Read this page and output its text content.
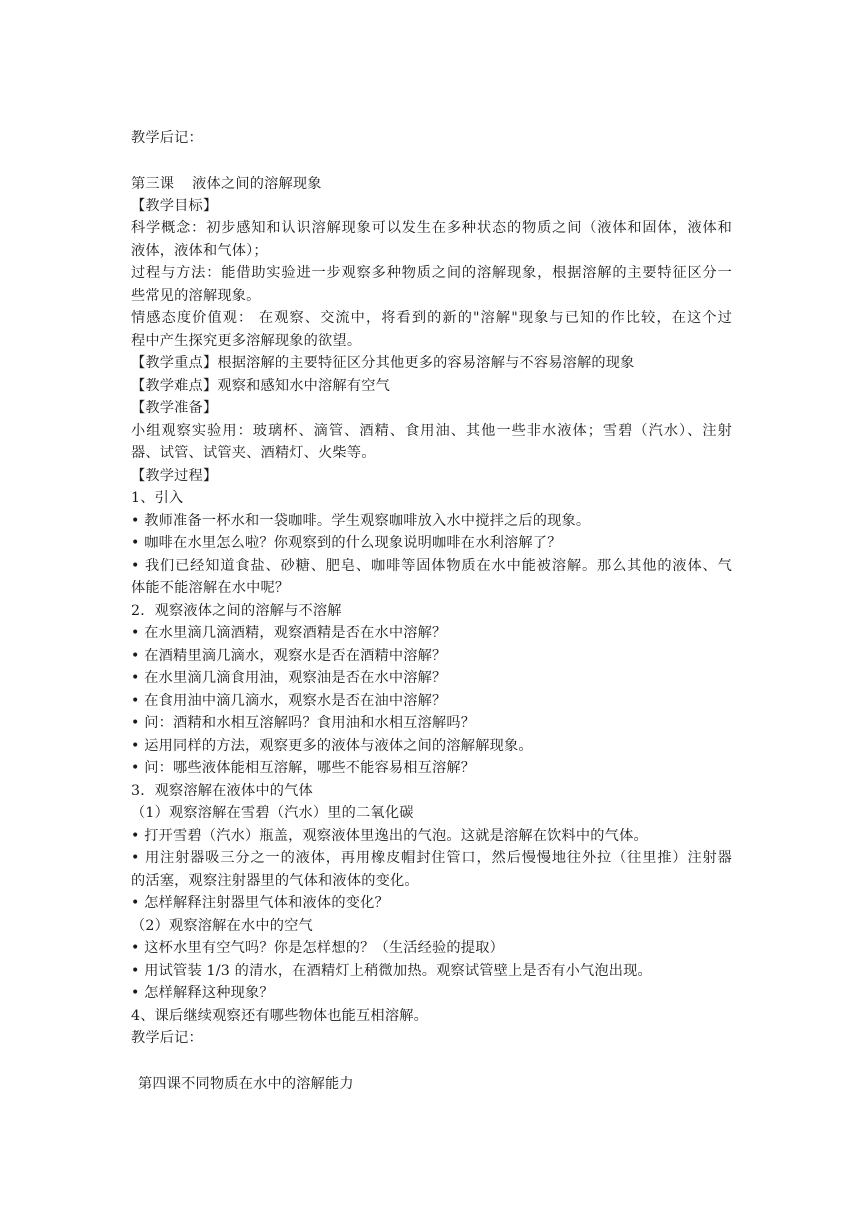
教学后记：
第三课 液体之间的溶解现象
【教学目标】
科学概念：初步感知和认识溶解现象可以发生在多种状态的物质之间（液体和固体，液体和
液体，液体和气体）；
过程与方法：能借助实验进一步观察多种物质之间的溶解现象，根据溶解的主要特征区分一
些常见的溶解现象。
情感态度价值观： 在观察、交流中，将看到的新的"溶解"现象与已知的作比较，在这个过
程中产生探究更多溶解现象的欲望。
【教学重点】根据溶解的主要特征区分其他更多的容易溶解与不容易溶解的现象
【教学难点】观察和感知水中溶解有空气
【教学准备】
小组观察实验用：玻璃杯、滴管、酒精、食用油、其他一些非水液体；雪碧（汽水）、注射
器、试管、试管夹、酒精灯、火柴等。
【教学过程】
1、引入
• 教师准备一杯水和一袋咖啡。学生观察咖啡放入水中搅拌之后的现象。
• 咖啡在水里怎么啦？你观察到的什么现象说明咖啡在水利溶解了？
• 我们已经知道食盐、砂糖、肥皂、咖啡等固体物质在水中能被溶解。那么其他的液体、气
体能不能溶解在水中呢？
2．观察液体之间的溶解与不溶解
• 在水里滴几滴酒精，观察酒精是否在水中溶解？
• 在酒精里滴几滴水，观察水是否在酒精中溶解？
• 在水里滴几滴食用油，观察油是否在水中溶解？
• 在食用油中滴几滴水，观察水是否在油中溶解？
• 问：酒精和水相互溶解吗？食用油和水相互溶解吗？
• 运用同样的方法，观察更多的液体与液体之间的溶解解现象。
• 问：哪些液体能相互溶解，哪些不能容易相互溶解？
3．观察溶解在液体中的气体
（1）观察溶解在雪碧（汽水）里的二氧化碳
• 打开雪碧（汽水）瓶盖，观察液体里逸出的气泡。这就是溶解在饮料中的气体。
• 用注射器吸三分之一的液体，再用橡皮帽封住管口，然后慢慢地往外拉（往里推）注射器
的活塞，观察注射器里的气体和液体的变化。
• 怎样解释注射器里气体和液体的变化？
（2）观察溶解在水中的空气
• 这杯水里有空气吗？你是怎样想的？（生活经验的提取）
• 用试管装 1/3 的清水，在酒精灯上稍微加热。观察试管壁上是否有小气泡出现。
• 怎样解释这种现象？
4、课后继续观察还有哪些物体也能互相溶解。
教学后记：
第四课不同物质在水中的溶解能力
